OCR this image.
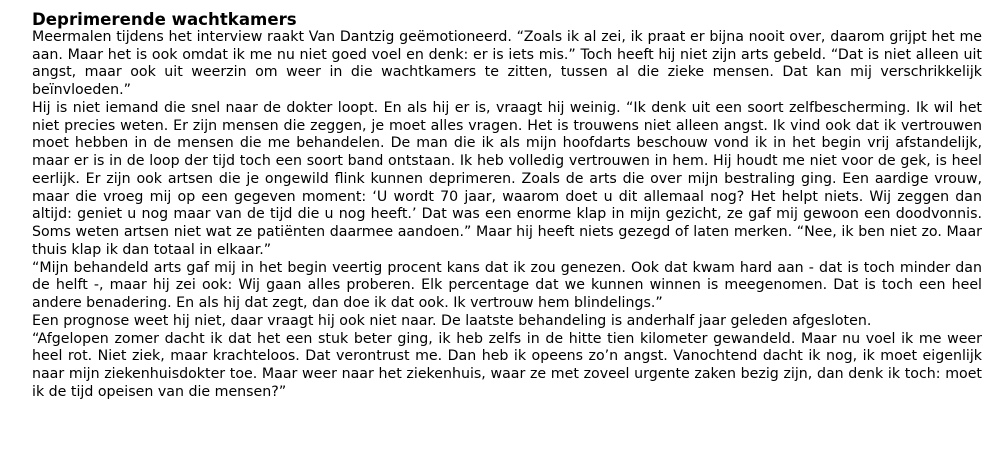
Deprimerende wachtkamers

Meermalen tijdens het interview raakt Van Dantzig geëmotioneerd. “Zoals ik al zei, ik praat er bijna nooit over, daarom grijpt het me aan. Maar het is ook omdat ik me nu niet goed voel en denk: er is iets mis.” Toch heeft hij niet zijn arts gebeld. “Dat is niet alleen uit angst, maar ook uit weerzin om weer in die wachtkamers te zitten, tussen al die zieke mensen. Dat kan mij verschrikkelijk beïnvloeden.”

Hij is niet iemand die snel naar de dokter loopt. En als hij er is, vraagt hij weinig. “Ik denk uit een soort zelfbescherming. Ik wil het niet precies weten. Er zijn mensen die zeggen, je moet alles vragen. Het is trouwens niet alleen angst. Ik vind ook dat ik vertrouwen moet hebben in de mensen die me behandelen. De man die ik als mijn hoofdarts beschouw vond ik in het begin vrij afstandelijk, maar er is in de loop der tijd toch een soort band ontstaan. Ik heb volledig vertrouwen in hem. Hij houdt me niet voor de gek, is heel eerlijk. Er zijn ook artsen die je ongewild flink kunnen deprimeren. Zoals de arts die over mijn bestraling ging. Een aardige vrouw, maar die vroeg mij op een gegeven moment: ‘U wordt 70 jaar, waarom doet u dit allemaal nog? Het helpt niets. Wij zeggen dan altijd: geniet u nog maar van de tijd die u nog heeft.’ Dat was een enorme klap in mijn gezicht, ze gaf mij gewoon een doodvonnis. Soms weten artsen niet wat ze patiënten daarmee aandoen.” Maar hij heeft niets gezegd of laten merken. “Nee, ik ben niet zo. Maar thuis klap ik dan totaal in elkaar.”

“Mijn behandeld arts gaf mij in het begin veertig procent kans dat ik zou genezen. Ook dat kwam hard aan - dat is toch minder dan de helft -, maar hij zei ook: Wij gaan alles proberen. Elk percentage dat we kunnen winnen is meegenomen. Dat is toch een heel andere benadering. En als hij dat zegt, dan doe ik dat ook. Ik vertrouw hem blindelings.”

Een prognose weet hij niet, daar vraagt hij ook niet naar. De laatste behandeling is anderhalf jaar geleden afgesloten.

“Afgelopen zomer dacht ik dat het een stuk beter ging, ik heb zelfs in de hitte tien kilometer gewandeld. Maar nu voel ik me weer heel rot. Niet ziek, maar krachteloos. Dat verontrust me. Dan heb ik opeens zo’n angst. Vanochtend dacht ik nog, ik moet eigenlijk naar mijn ziekenhuisdokter toe. Maar weer naar het ziekenhuis, waar ze met zoveel urgente zaken bezig zijn, dan denk ik toch: moet ik de tijd opeisen van die mensen?”
